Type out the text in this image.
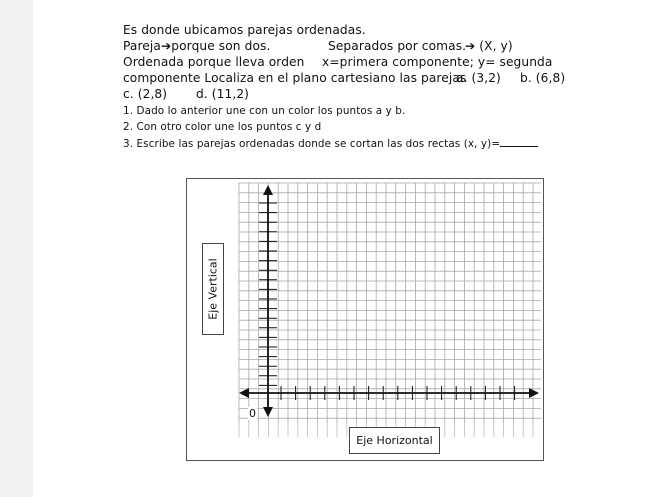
Es donde ubicamos parejas ordenadas.
Pareja➔porque son dos.	Separados por comas.
➔ (X, y)
Ordenada porque lleva orden x=primera componente; y= segunda
componente Localiza en el plano cartesiano las parejas
a. (3,2) b. (6,8)
c. (2,8) d. (11,2)
1. Dado lo anterior une con un color los puntos a y b.
2. Con otro color une los puntos c y d
3. Escribe las parejas ordenadas donde se cortan las dos rectas (x, y)=
Eje Vertical
0
Eje Horizontal
